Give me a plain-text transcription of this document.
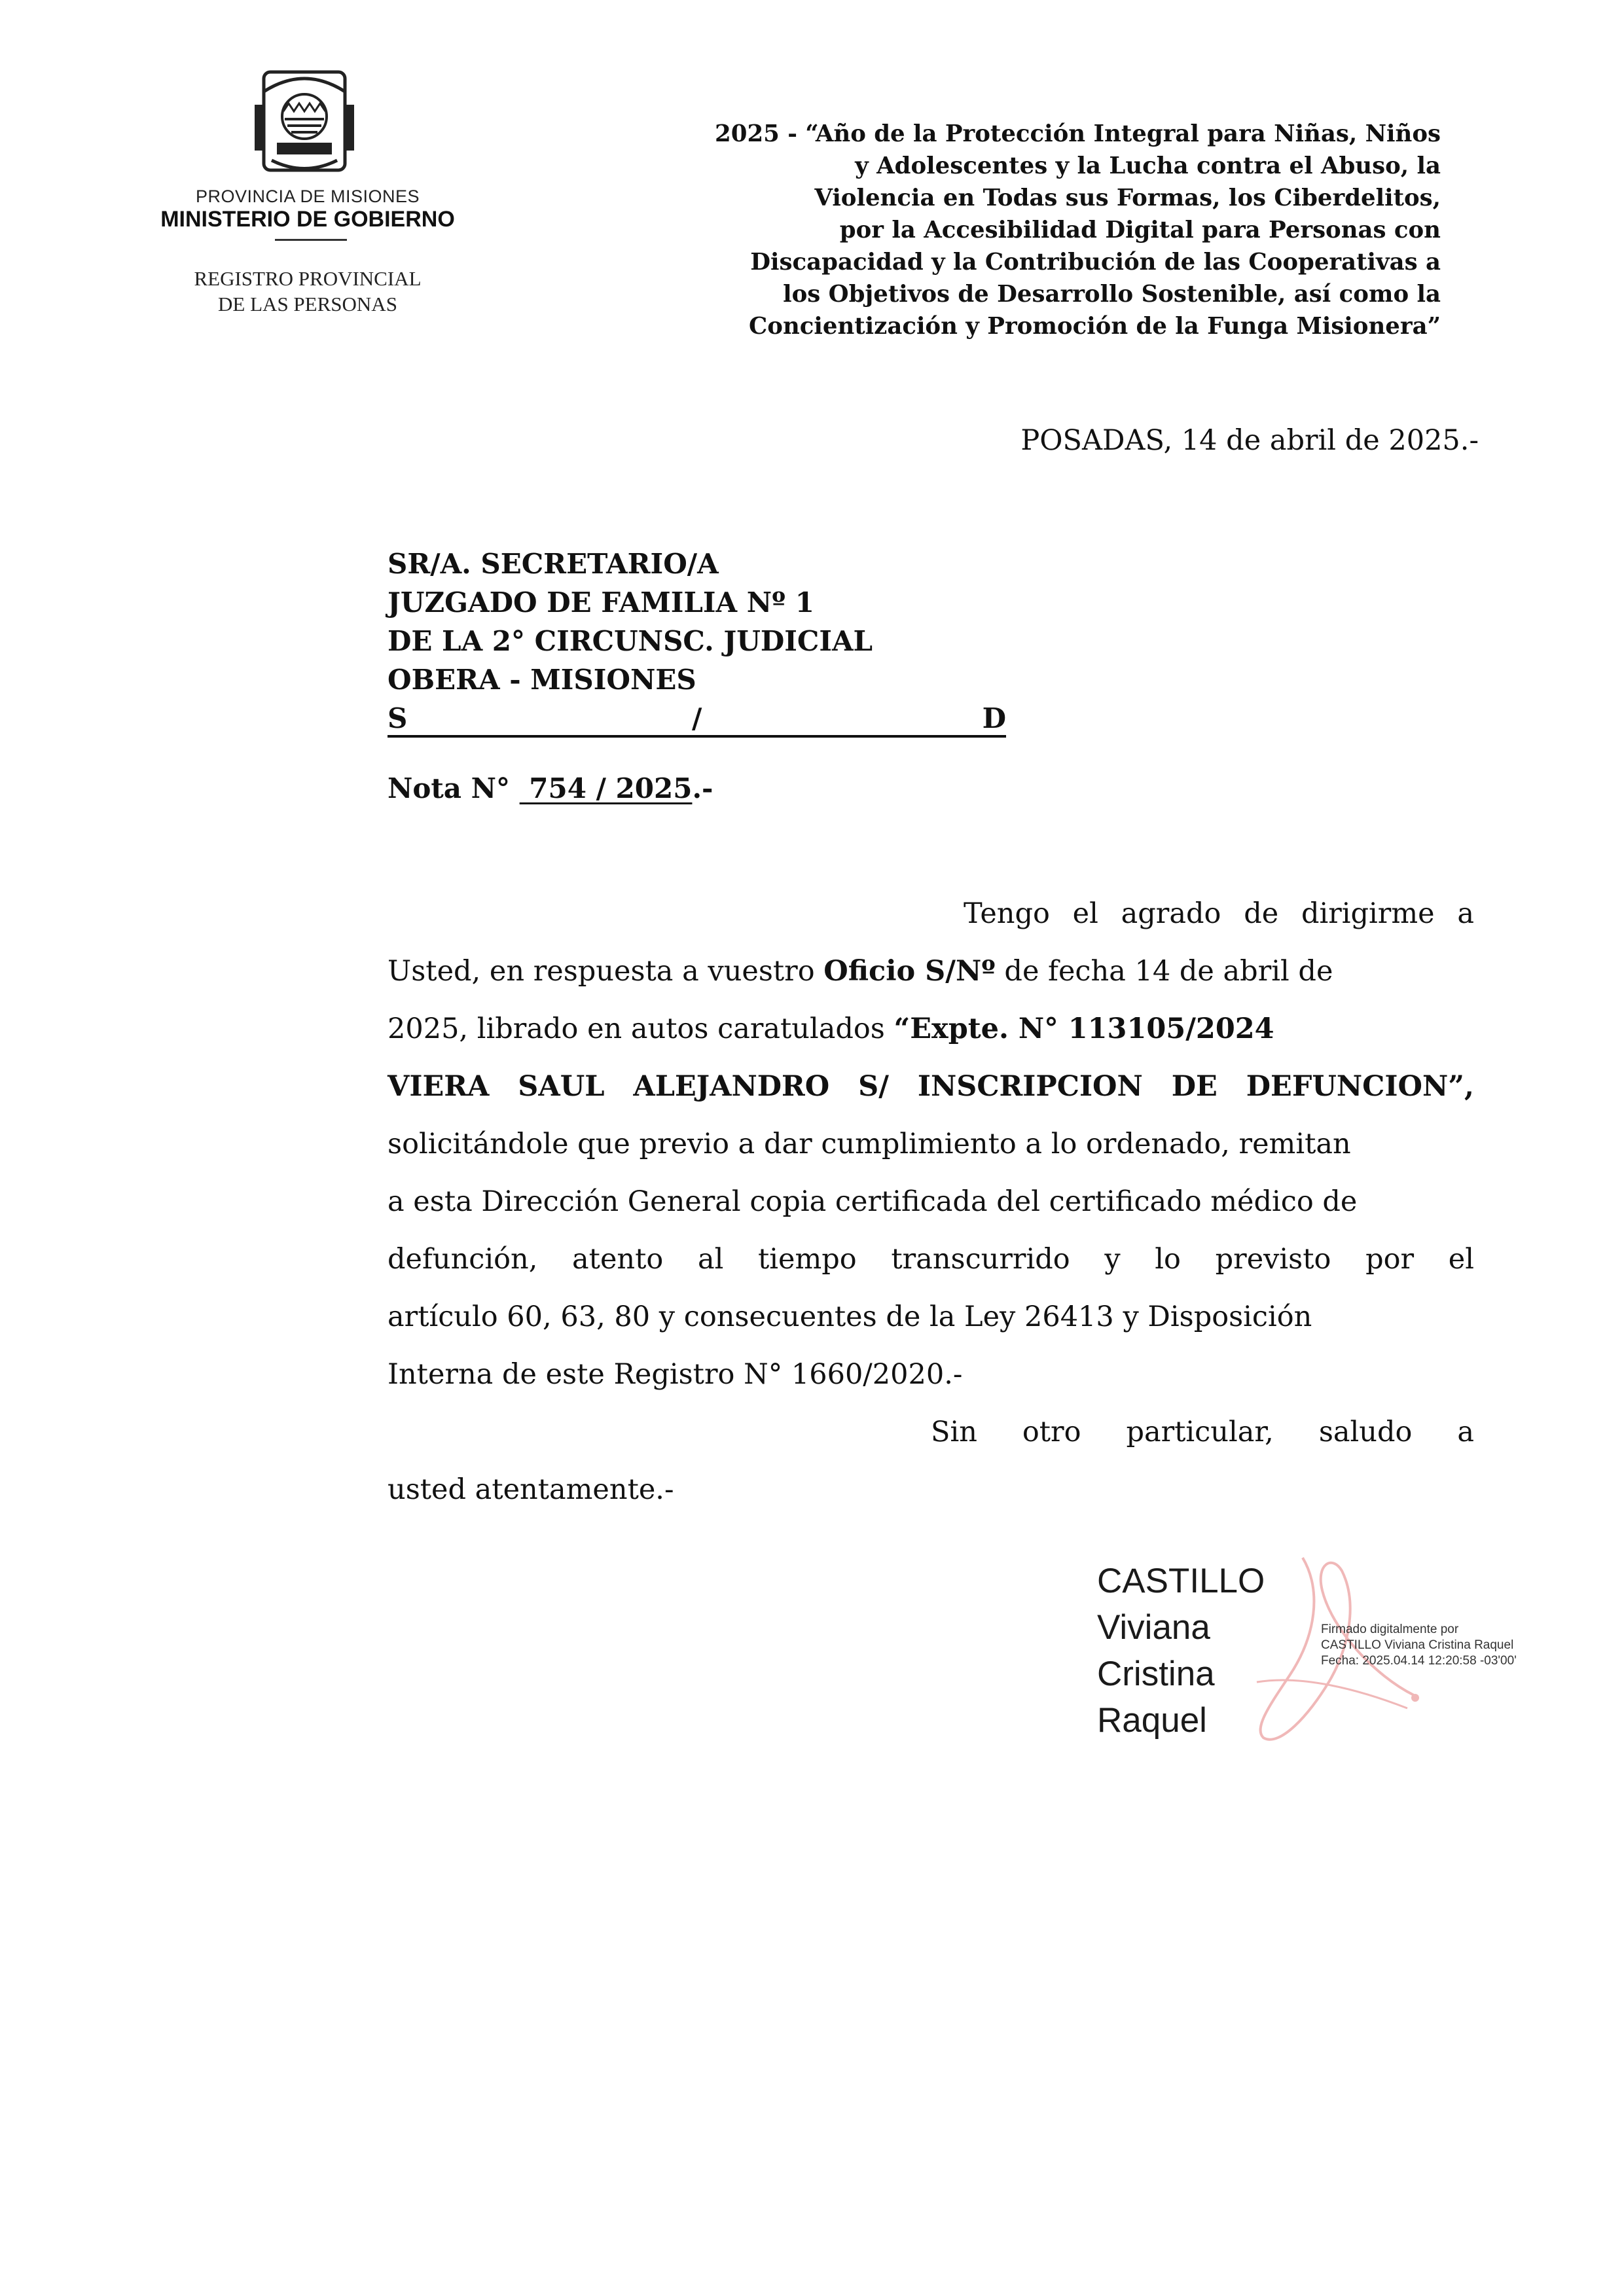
PROVINCIA DE MISIONES
MINISTERIO DE GOBIERNO
REGISTRO PROVINCIAL
DE LAS PERSONAS
2025 - “Año de la Protección Integral para Niñas, Niños
y Adolescentes y la Lucha contra el Abuso, la
Violencia en Todas sus Formas, los Ciberdelitos,
por la Accesibilidad Digital para Personas con
Discapacidad y la Contribución de las Cooperativas a
los Objetivos de Desarrollo Sostenible, así como la
Concientización y Promoción de la Funga Misionera”
POSADAS, 14 de abril de 2025.-
SR/A. SECRETARIO/A
JUZGADO DE FAMILIA Nº 1
DE LA 2° CIRCUNSC. JUDICIAL
OBERA - MISIONES
S	/	D
Nota N°  754 / 2025.-
Tengo el agrado de dirigirme a
Usted, en respuesta a vuestro Oficio S/Nº de fecha 14 de abril de
2025, librado en autos caratulados “Expte. N° 113105/2024
VIERA SAUL ALEJANDRO S/ INSCRIPCION DE DEFUNCION”,
solicitándole que previo a dar cumplimiento a lo ordenado, remitan
a esta Dirección General copia certificada del certificado médico de
defunción, atento al tiempo transcurrido y lo previsto por el
artículo 60, 63, 80 y consecuentes de la Ley 26413 y Disposición
Interna de este Registro N° 1660/2020.-
Sin otro particular, saludo a
usted atentamente.-
CASTILLO
Viviana
Cristina
Raquel
Firmado digitalmente por
CASTILLO Viviana Cristina Raquel
Fecha: 2025.04.14 12:20:58 -03'00'
